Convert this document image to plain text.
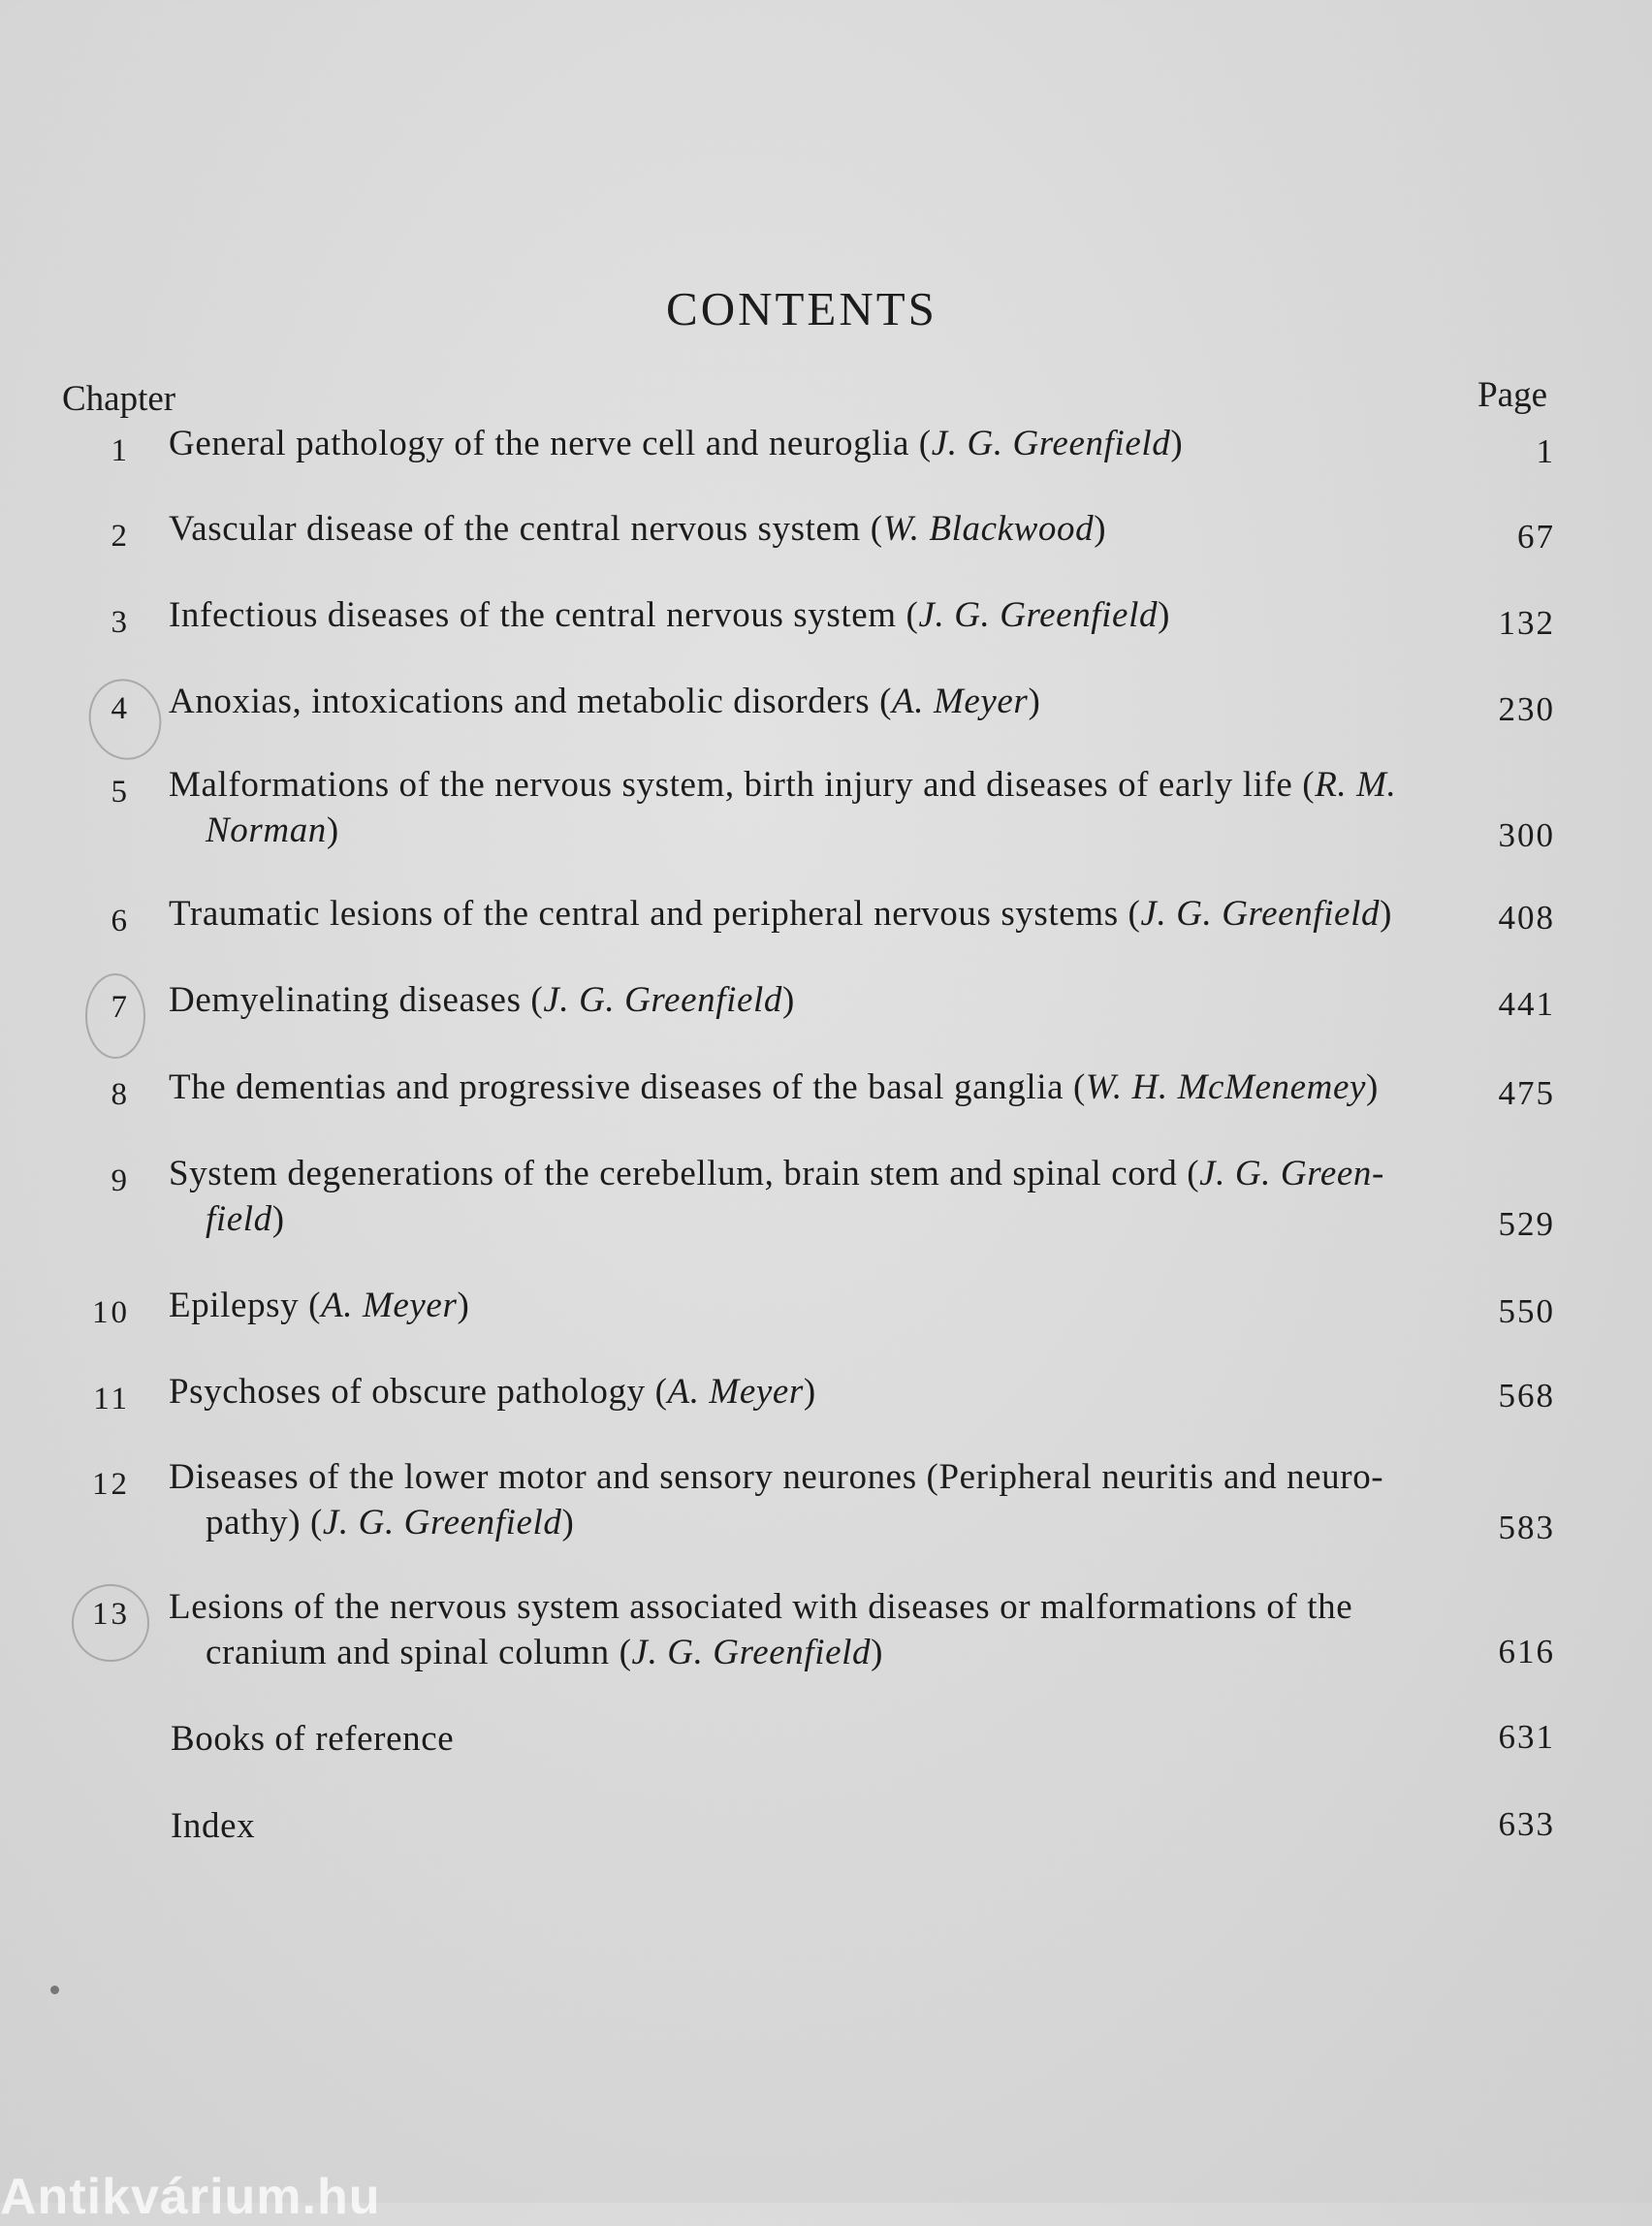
CONTENTS
Chapter	Page
1 General pathology of the nerve cell and neuroglia (J. G. Greenfield)	1
2 Vascular disease of the central nervous system (W. Blackwood)	67
3 Infectious diseases of the central nervous system (J. G. Greenfield)	132
4 Anoxias, intoxications and metabolic disorders (A. Meyer)	230
5 Malformations of the nervous system, birth injury and diseases of early life (R. M.
Norman)	300
6 Traumatic lesions of the central and peripheral nervous systems (J. G. Greenfield)	408
7 Demyelinating diseases (J. G. Greenfield)	441
8 The dementias and progressive diseases of the basal ganglia (W. H. McMenemey)	475
9 System degenerations of the cerebellum, brain stem and spinal cord (J. G. Green-
field)	529
10 Epilepsy (A. Meyer)	550
11 Psychoses of obscure pathology (A. Meyer)	568
12 Diseases of the lower motor and sensory neurones (Peripheral neuritis and neuro-
pathy) (J. G. Greenfield)	583
13 Lesions of the nervous system associated with diseases or malformations of the
cranium and spinal column (J. G. Greenfield)	616
Books of reference	631
Index	633
Antikvárium.hu
